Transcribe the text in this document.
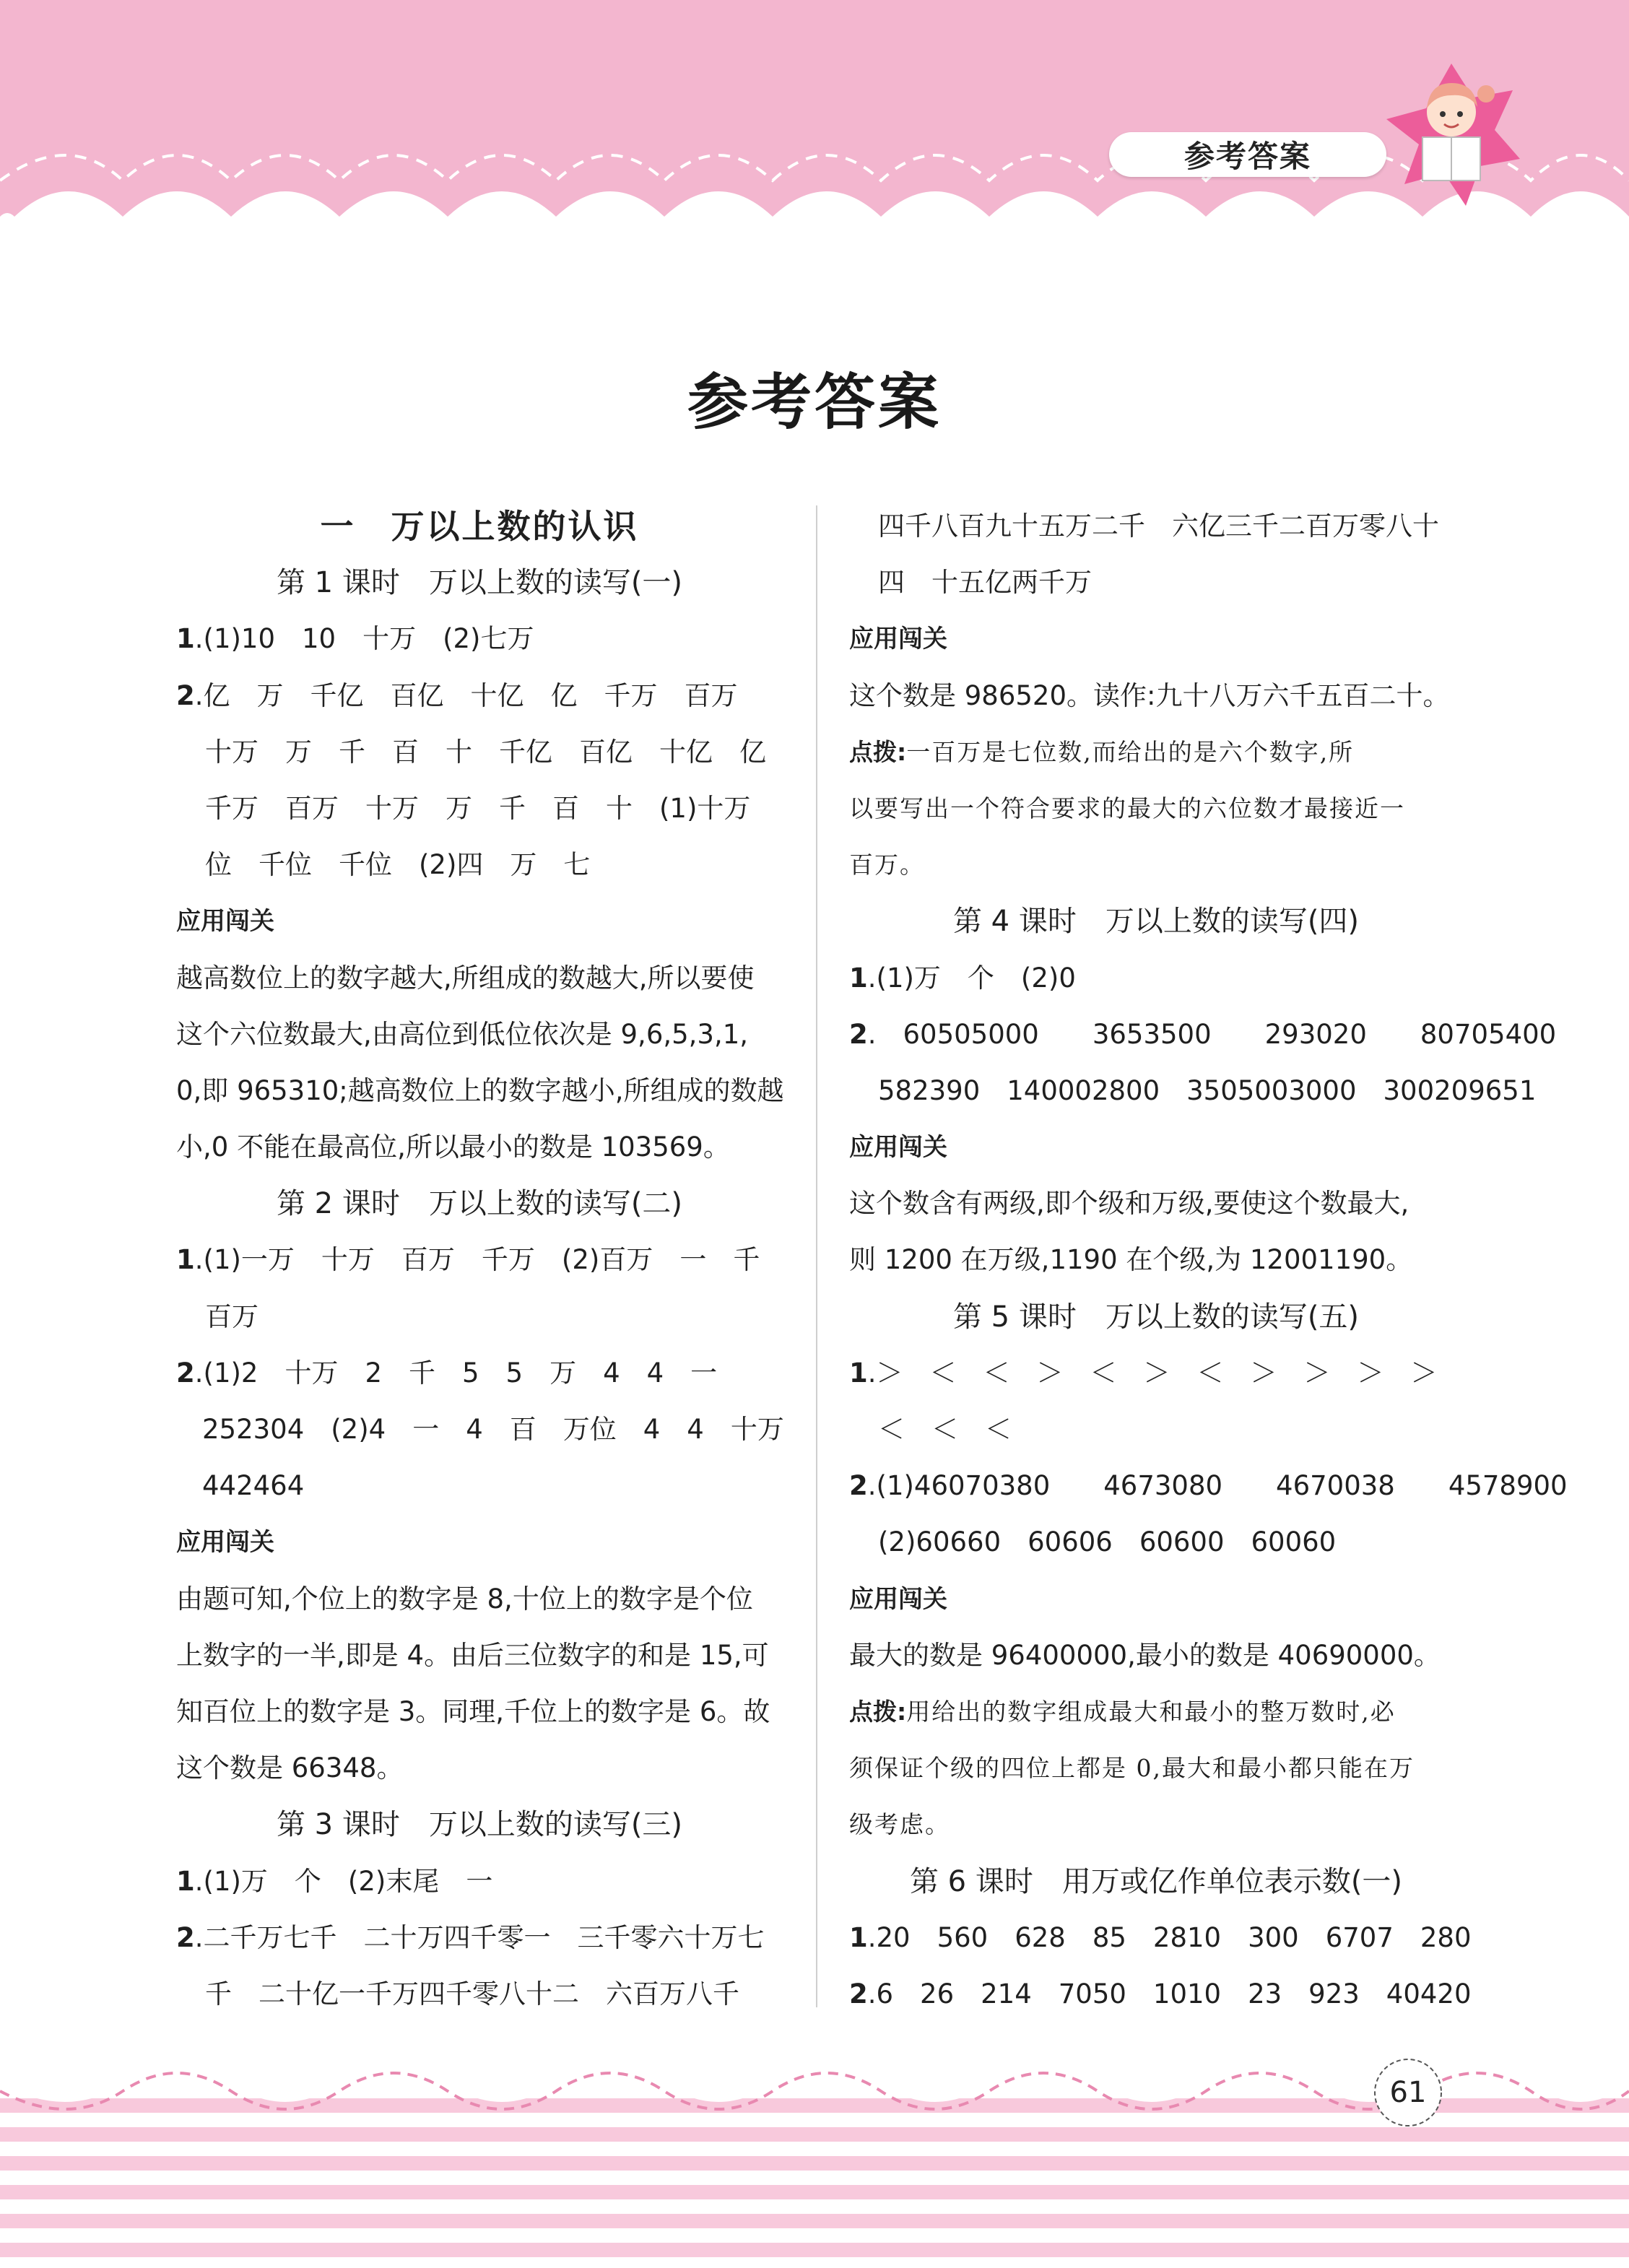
参考答案
参考答案
一　万以上数的认识
第 1 课时　万以上数的读写(一)
1.(1)10　10　十万　(2)七万
2.亿　万　千亿　百亿　十亿　亿　千万　百万
十万　万　千　百　十　千亿　百亿　十亿　亿
千万　百万　十万　万　千　百　十　(1)十万
位　千位　千位　(2)四　万　七
应用闯关
越高数位上的数字越大,所组成的数越大,所以要使
这个六位数最大,由高位到低位依次是 9,6,5,3,1,
0,即 965310;越高数位上的数字越小,所组成的数越
小,0 不能在最高位,所以最小的数是 103569。
第 2 课时　万以上数的读写(二)
1.(1)一万　十万　百万　千万　(2)百万　一　千
百万
2.(1)2　十万　2　千　5　5　万　4　4　一
252304　(2)4　一　4　百　万位　4　4　十万
442464
应用闯关
由题可知,个位上的数字是 8,十位上的数字是个位
上数字的一半,即是 4。由后三位数字的和是 15,可
知百位上的数字是 3。同理,千位上的数字是 6。故
这个数是 66348。
第 3 课时　万以上数的读写(三)
1.(1)万　个　(2)末尾　一
2.二千万七千　二十万四千零一　三千零六十万七
千　二十亿一千万四千零八十二　六百万八千
四千八百九十五万二千　六亿三千二百万零八十
四　十五亿两千万
应用闯关
这个数是 986520。读作:九十八万六千五百二十。
点拨:一百万是七位数,而给出的是六个数字,所
以要写出一个符合要求的最大的六位数才最接近一
百万。
第 4 课时　万以上数的读写(四)
1.(1)万　个　(2)0
2.　60505000　　3653500　　293020　　80705400
582390　140002800　3505003000　300209651
应用闯关
这个数含有两级,即个级和万级,要使这个数最大,
则 1200 在万级,1190 在个级,为 12001190。
第 5 课时　万以上数的读写(五)
1.＞　＜　＜　＞　＜　＞　＜　＞　＞　＞　＞
＜　＜　＜
2.(1)46070380　　4673080　　4670038　　4578900
(2)60660　60606　60600　60060
应用闯关
最大的数是 96400000,最小的数是 40690000。
点拨:用给出的数字组成最大和最小的整万数时,必
须保证个级的四位上都是 0,最大和最小都只能在万
级考虑。
第 6 课时　用万或亿作单位表示数(一)
1.20　560　628　85　2810　300　6707　280
2.6　26　214　7050　1010　23　923　40420
61
